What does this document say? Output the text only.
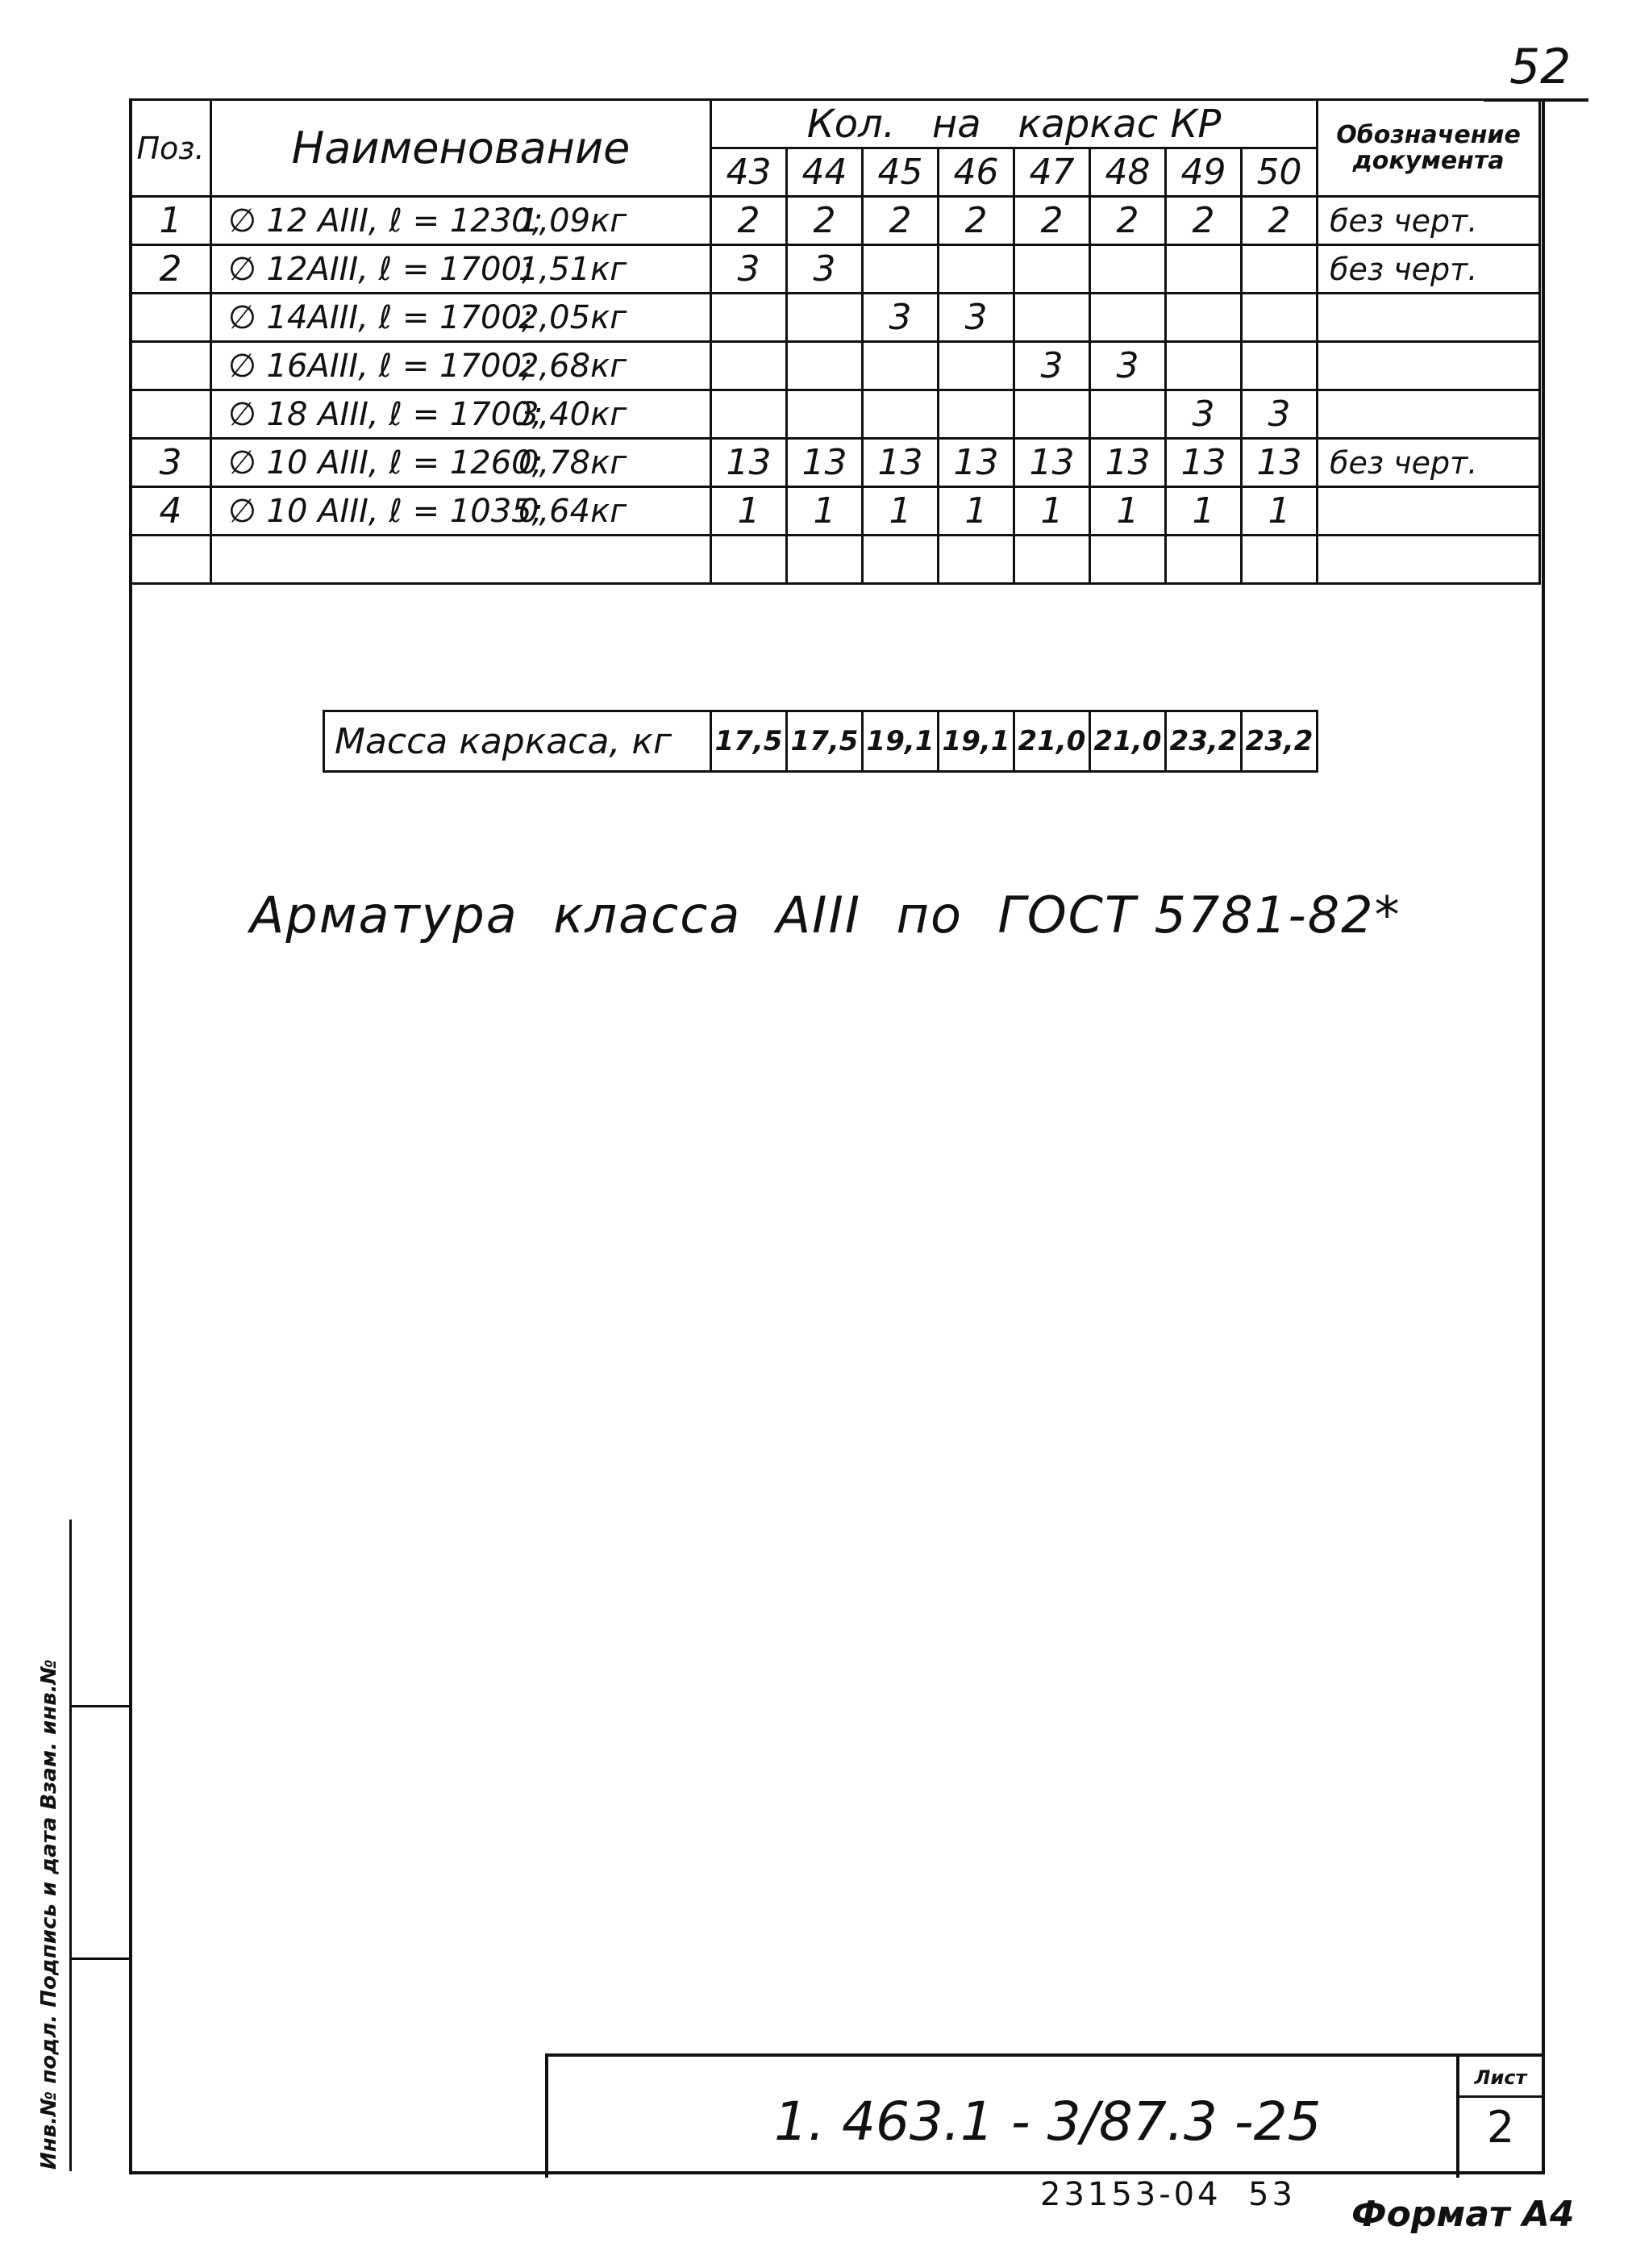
52
Поз.	Наименование	Кол.   на   каркас КР								Обозначение документа
		43	44	45	46	47	48	49	50	
1	∅ 12 АIII, ℓ = 1230;1,09кг	2	2	2	2	2	2	2	2	без черт.
2	∅ 12АIII, ℓ = 1700;1,51кг	3	3							без черт.
	∅ 14АIII, ℓ = 1700;2,05кг			3	3					
	∅ 16АIII, ℓ = 1700;2,68кг					3	3			
	∅ 18 АIII, ℓ = 1700;3,40кг							3	3	
3	∅ 10 АIII, ℓ = 1260;0,78кг	13	13	13	13	13	13	13	13	без черт.
4	∅ 10 АIII, ℓ = 1035;0,64кг	1	1	1	1	1	1	1	1	

Масса каркаса, кг	17,5	17,5	19,1	19,1	21,0	21,0	23,2	23,2
Арматура  класса  АIII  по  ГОСТ 5781-82*
Инв.№ подл. Подпись и дата Взам. инв.№	1. 463.1 - 3/87.3 -25
Лист
2
23153-04  53 Формат А4
